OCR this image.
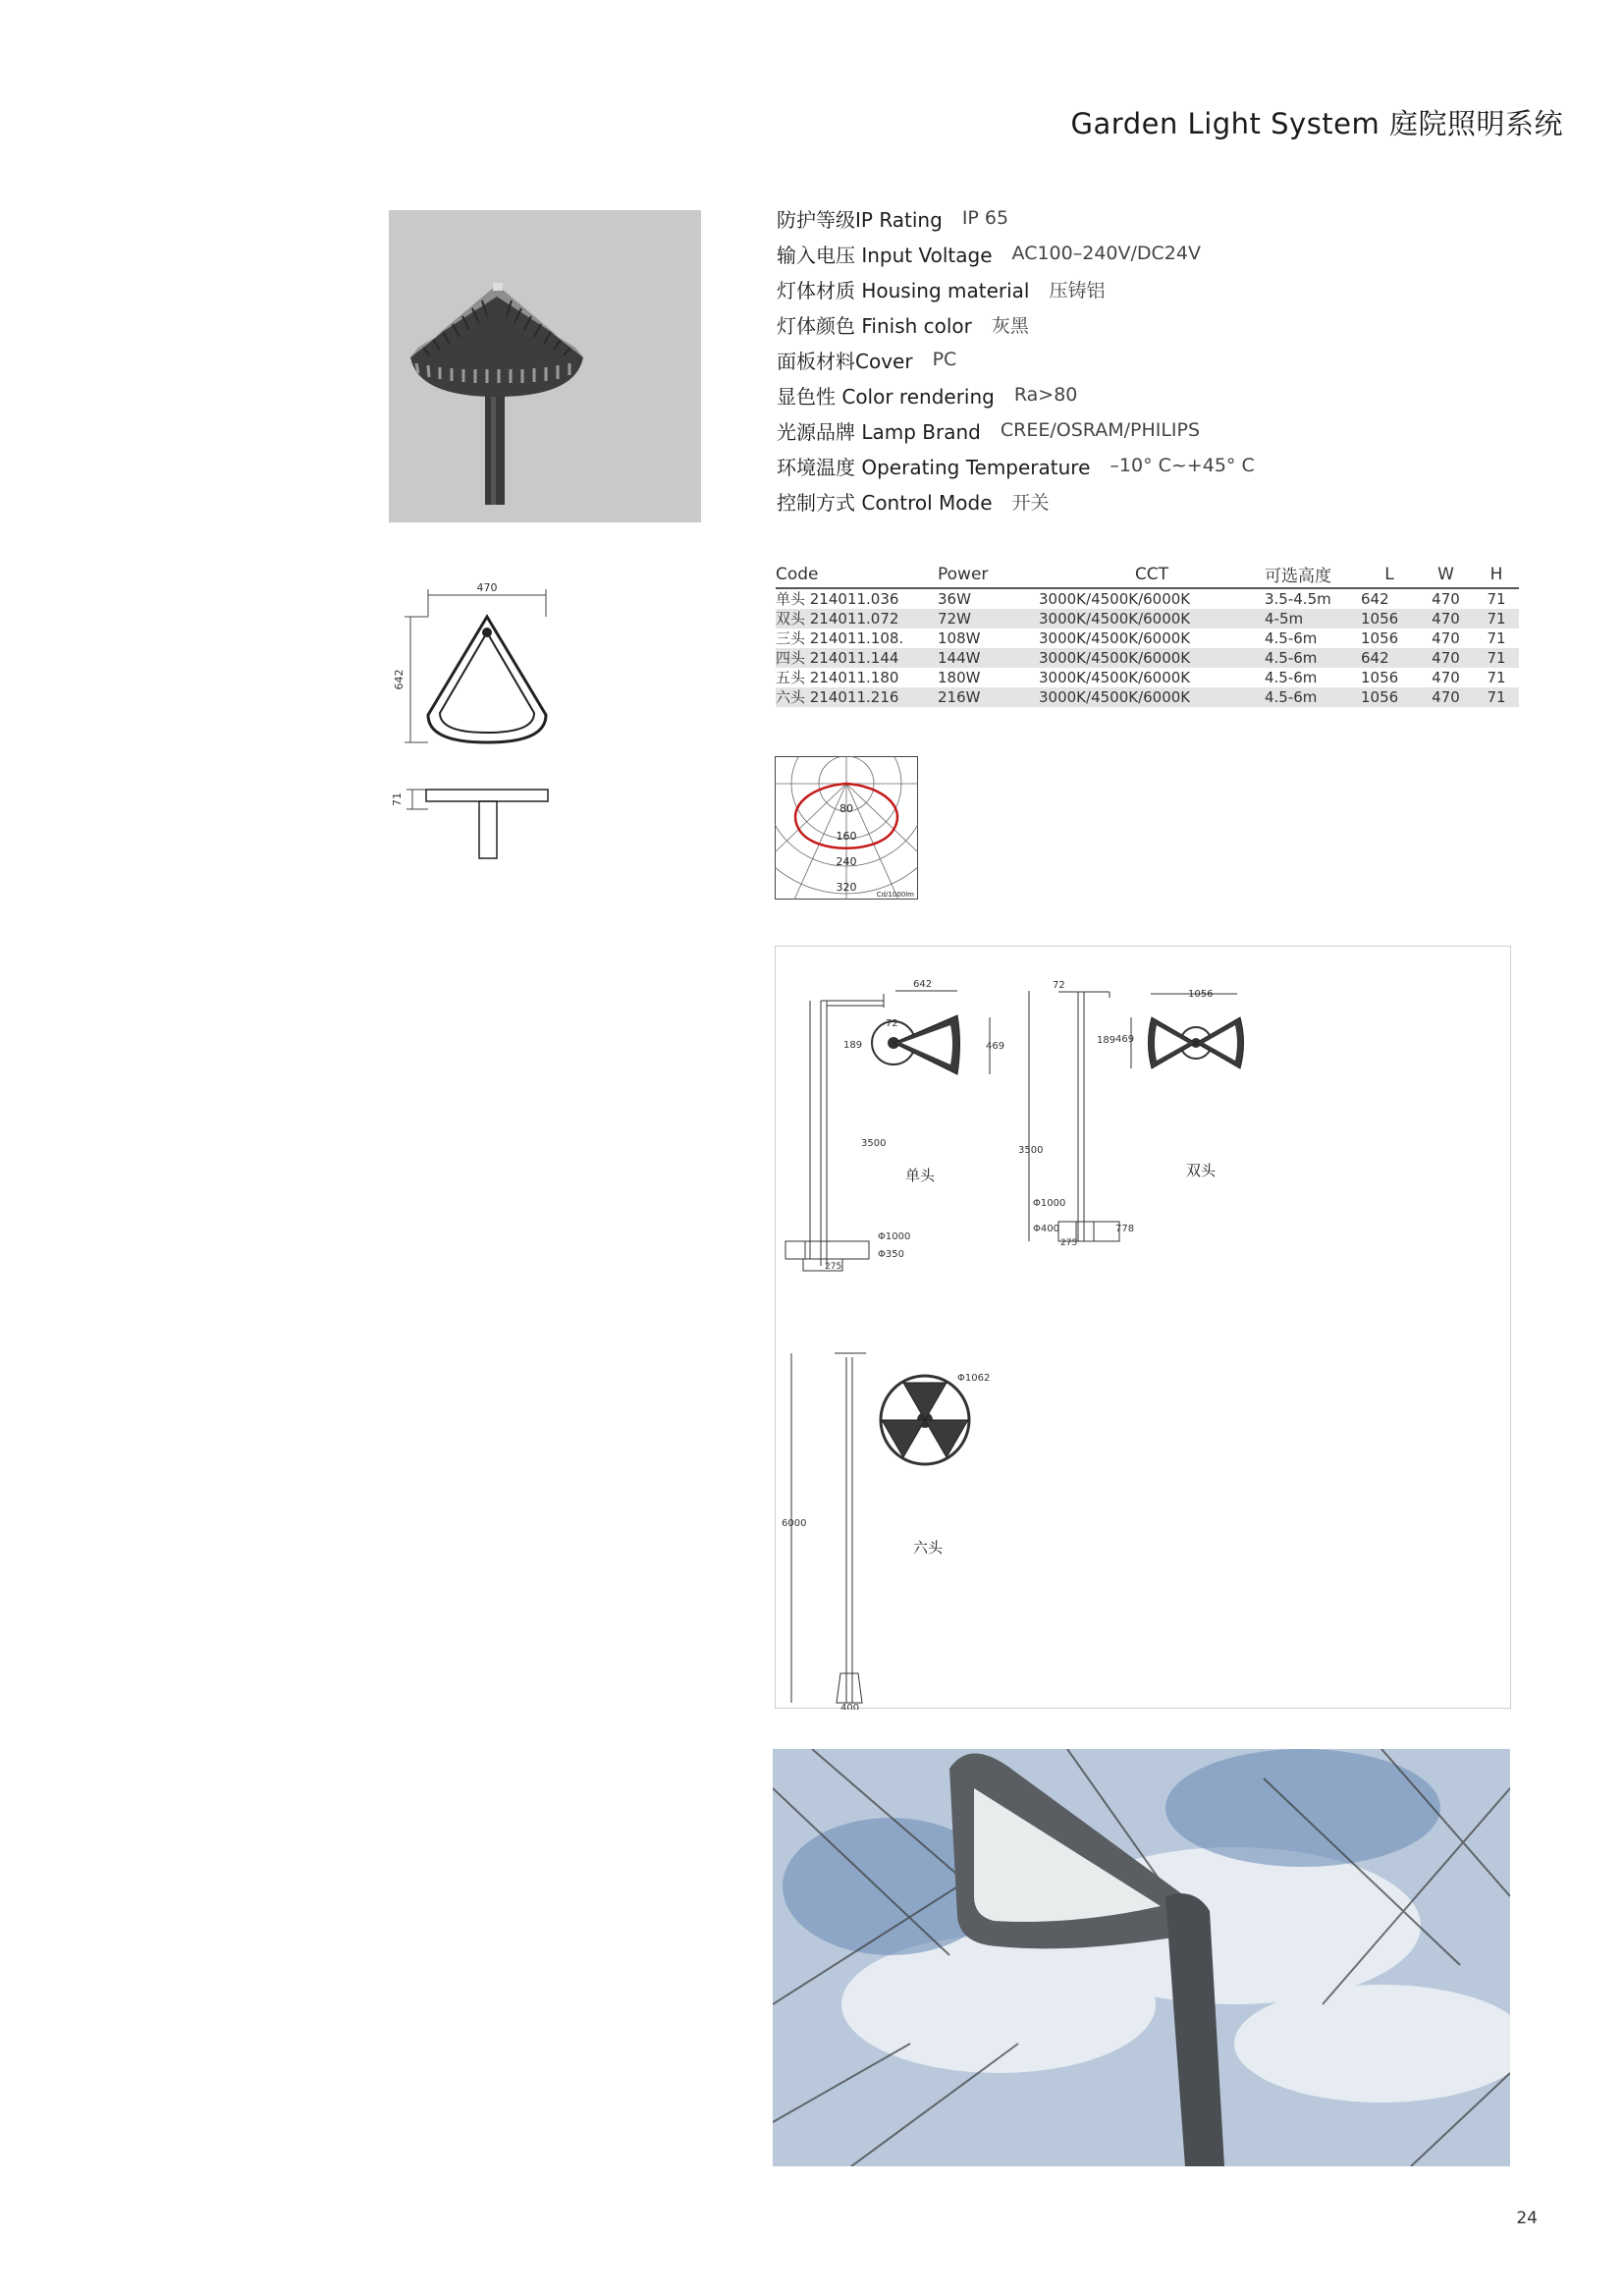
Garden Light System 庭院照明系统
防护等级IP Rating IP 65
输入电压 Input Voltage AC100–240V/DC24V
灯体材质 Housing material 压铸铝
灯体颜色 Finish color 灰黑
面板材料Cover PC
显色性 Color rendering Ra>80
光源品牌 Lamp Brand CREE/OSRAM/PHILIPS
环境温度 Operating Temperature –10° C~+45° C
控制方式 Control Mode 开关
Code	Power	CCT	可选高度	L	W	H
单头 214011.036	36W	3000K/4500K/6000K	3.5-4.5m	642	470	71
双头 214011.072	72W	3000K/4500K/6000K	4-5m	1056	470	71
三头 214011.108.	108W	3000K/4500K/6000K	4.5-6m	1056	470	71
四头 214011.144	144W	3000K/4500K/6000K	4.5-6m	642	470	71
五头 214011.180	180W	3000K/4500K/6000K	4.5-6m	1056	470	71
六头 214011.216	216W	3000K/4500K/6000K	4.5-6m	1056	470	71
470
642
71
80
160
240
320
Cd/1000lm
189
72
3500
Φ1000
Φ350
275
642
469
单头
72
189
3500
Φ1000
Φ400
275
778
1056
469
双头
6000
400
Φ1062
六头
24
